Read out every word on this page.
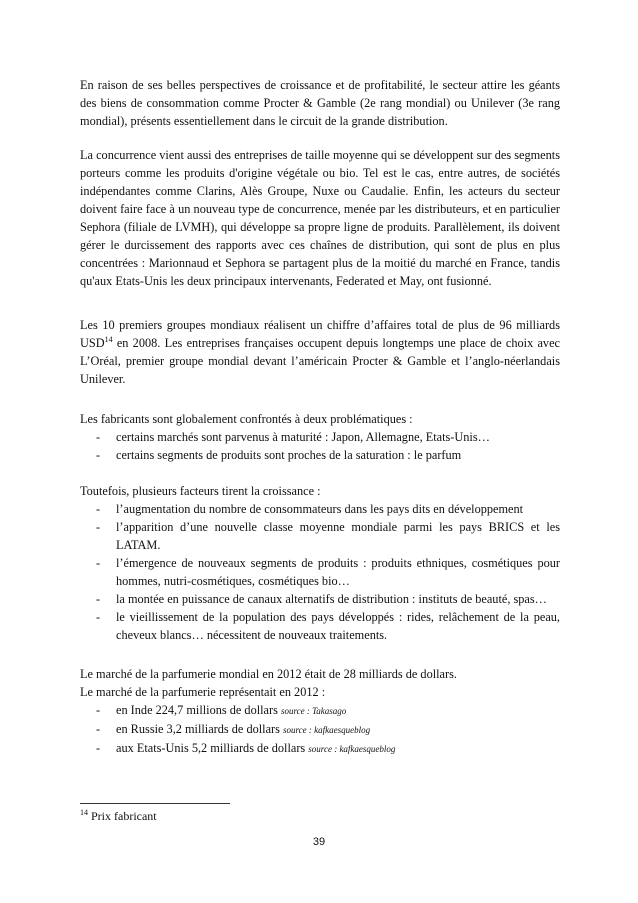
En raison de ses belles perspectives de croissance et de profitabilité, le secteur attire les géants des biens de consommation comme Procter & Gamble (2e rang mondial) ou Unilever (3e rang mondial), présents essentiellement dans le circuit de la grande distribution.

La concurrence vient aussi des entreprises de taille moyenne qui se développent sur des segments porteurs comme les produits d'origine végétale ou bio. Tel est le cas, entre autres, de sociétés indépendantes comme Clarins, Alès Groupe, Nuxe ou Caudalie. Enfin, les acteurs du secteur doivent faire face à un nouveau type de concurrence, menée par les distributeurs, et en particulier Sephora (filiale de LVMH), qui développe sa propre ligne de produits. Parallèlement, ils doivent gérer le durcissement des rapports avec ces chaînes de distribution, qui sont de plus en plus concentrées : Marionnaud et Sephora se partagent plus de la moitié du marché en France, tandis qu'aux Etats-Unis les deux principaux intervenants, Federated et May, ont fusionné.

Les 10 premiers groupes mondiaux réalisent un chiffre d’affaires total de plus de 96 milliards USD$^{14}$ en 2008. Les entreprises françaises occupent depuis longtemps une place de choix avec L’Oréal, premier groupe mondial devant l’américain Procter & Gamble et l’anglo-néerlandais Unilever.

Les fabricants sont globalement confrontés à deux problématiques :

- certains marchés sont parvenus à maturité : Japon, Allemagne, Etats-Unis…
- certains segments de produits sont proches de la saturation : le parfum

Toutefois, plusieurs facteurs tirent la croissance :

- l’augmentation du nombre de consommateurs dans les pays dits en développement
- l’apparition d’une nouvelle classe moyenne mondiale parmi les pays BRICS et les LATAM.
- l’émergence de nouveaux segments de produits : produits ethniques, cosmétiques pour hommes, nutri-cosmétiques, cosmétiques bio…
- la montée en puissance de canaux alternatifs de distribution : instituts de beauté, spas…
- le vieillissement de la population des pays développés : rides, relâchement de la peau, cheveux blancs… nécessitent de nouveaux traitements.

Le marché de la parfumerie mondial en 2012 était de 28 milliards de dollars.

Le marché de la parfumerie représentait en 2012 :

- en Inde 224,7 millions de dollars source : Takasago
- en Russie 3,2 milliards de dollars source : kafkaesqueblog
- aux Etats-Unis 5,2 milliards de dollars source : kafkaesqueblog
$^{14}$ Prix fabricant
39
